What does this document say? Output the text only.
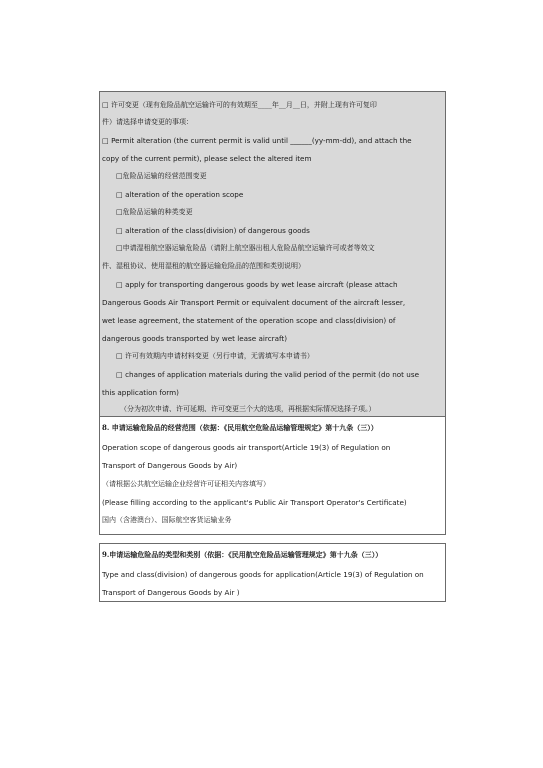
□ 许可变更（现有危险品航空运输许可的有效期至____年__月__日，并附上现有许可复印
件）请选择申请变更的事项：
□ Permit alteration (the current permit is valid until ______(yy-mm-dd), and attach the
copy of the current permit), please select the altered item
□危险品运输的经营范围变更
□ alteration of the operation scope
□危险品运输的种类变更
□ alteration of the class(division) of dangerous goods
□申请湿租航空器运输危险品（请附上航空器出租人危险品航空运输许可或者等效文
件、湿租协议、使用湿租的航空器运输危险品的范围和类别说明）
□ apply for transporting dangerous goods by wet lease aircraft (please attach
Dangerous Goods Air Transport Permit or equivalent document of the aircraft lesser,
wet lease agreement, the statement of the operation scope and class(division) of
dangerous goods transported by wet lease aircraft)
□ 许可有效期内申请材料变更（另行申请，无需填写本申请书）
□ changes of application materials during the valid period of the permit (do not use
this application form)
（分为初次申请、许可延期、许可变更三个大的选项，再根据实际情况选择子项。）
8. 申请运输危险品的经营范围（依据：《民用航空危险品运输管理规定》第十九条（三））
Operation scope of dangerous goods air transport(Article 19(3) of Regulation on
Transport of Dangerous Goods by Air)
（请根据公共航空运输企业经营许可证相关内容填写）
(Please filling according to the applicant's Public Air Transport Operator's Certificate)
国内（含港澳台）、国际航空客货运输业务
9.申请运输危险品的类型和类别（依据：《民用航空危险品运输管理规定》第十九条（三））
Type and class(division) of dangerous goods for application(Article 19(3) of Regulation on
Transport of Dangerous Goods by Air )
